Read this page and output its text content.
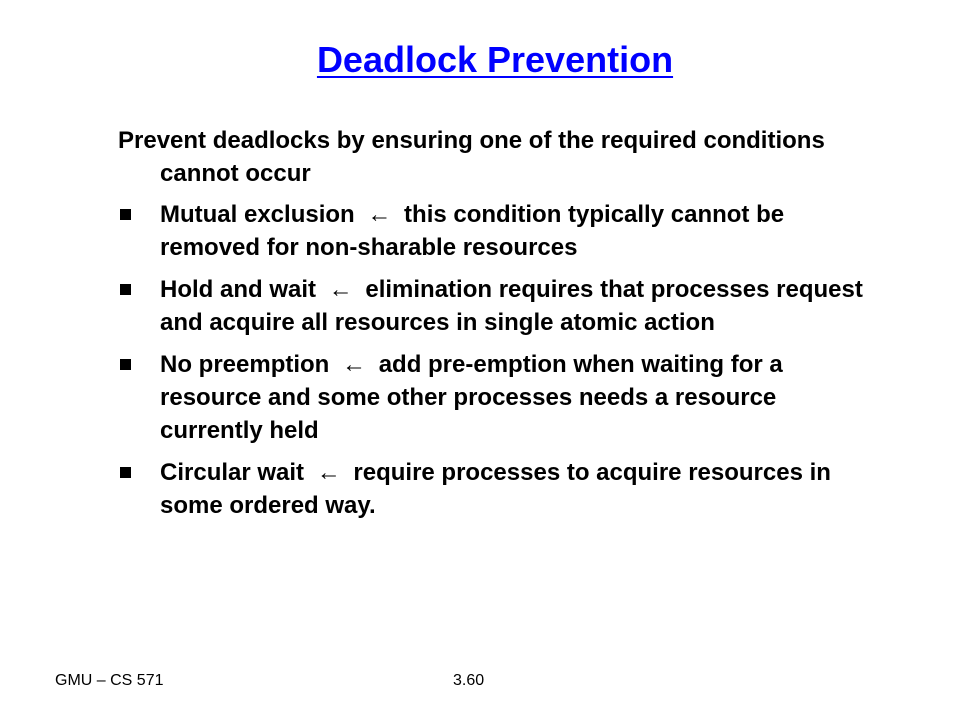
Deadlock Prevention

Prevent deadlocks by ensuring one of the required conditions cannot occur

Mutual exclusion ← this condition typically cannot be removed for non-sharable resources
Hold and wait ← elimination requires that processes request and acquire all resources in single atomic action
No preemption ← add pre-emption when waiting for a resource and some other processes needs a resource currently held
Circular wait ← require processes to acquire resources in some ordered way.
GMU – CS 571	3.60
